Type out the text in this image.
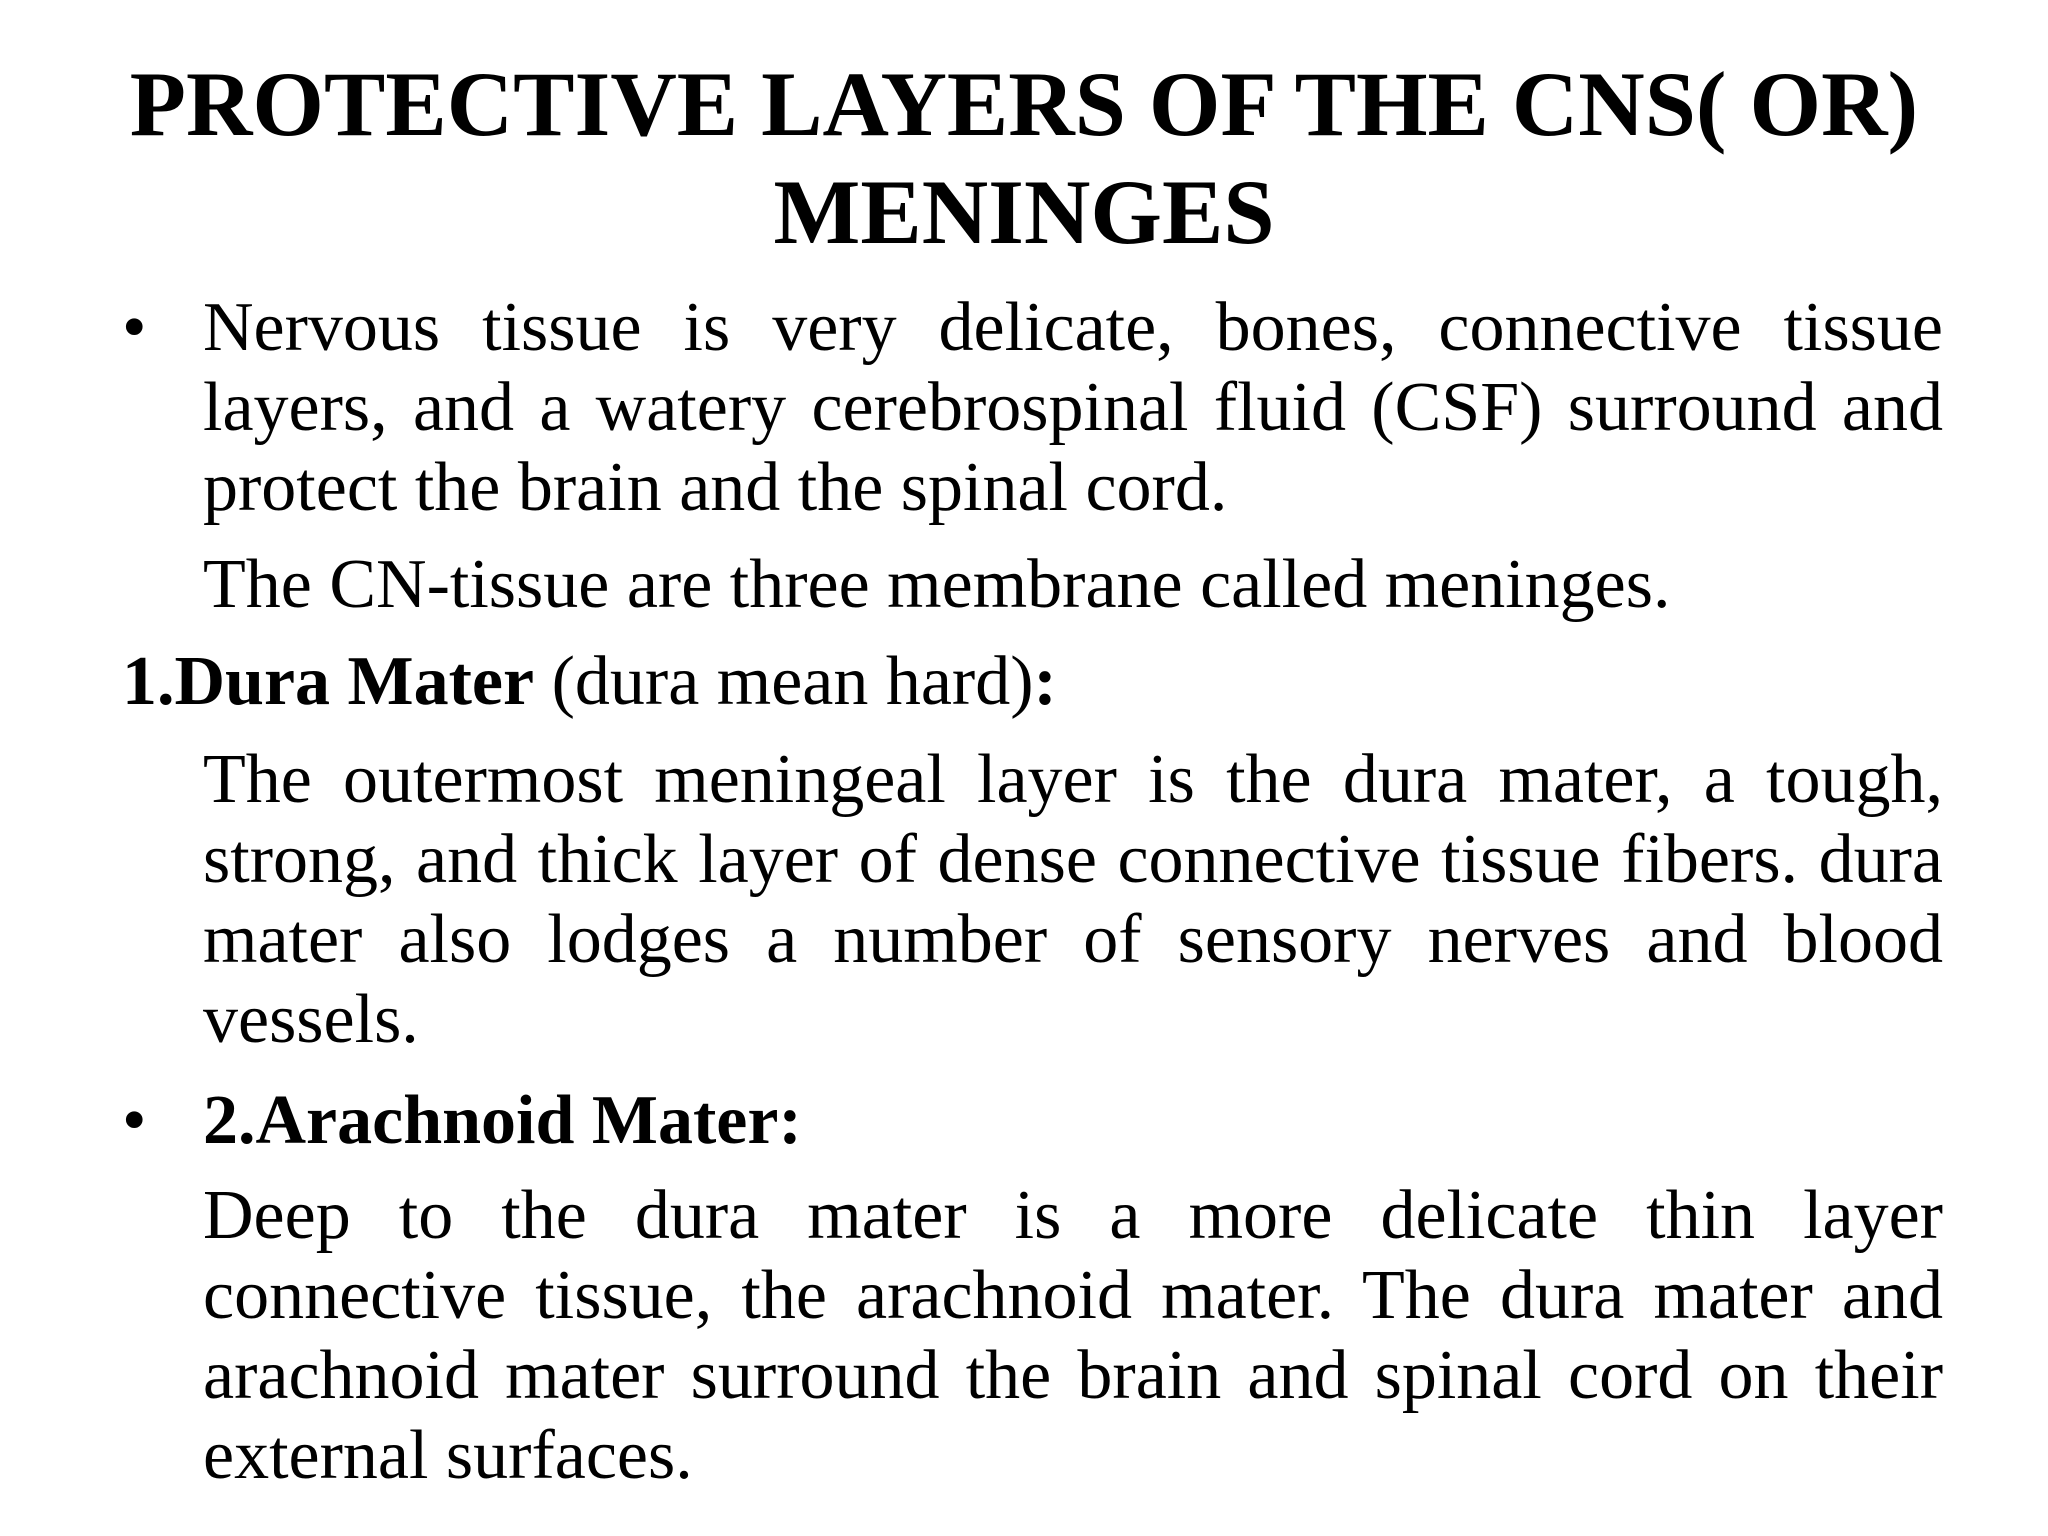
PROTECTIVE LAYERS OF THE CNS( OR)
MENINGES
• Nervous tissue is very delicate, bones, connective tissue layers, and a watery cerebrospinal fluid (CSF) surround and protect the brain and the spinal cord.

The CN-tissue are three membrane called meninges.

1.Dura Mater (dura mean hard):

The outermost meningeal layer is the dura mater, a tough, strong, and thick layer of dense connective tissue fibers. dura mater also lodges a number of sensory nerves and blood vessels.

• 2.Arachnoid Mater:

Deep to the dura mater is a more delicate thin layer connective tissue, the arachnoid mater. The dura mater and arachnoid mater surround the brain and spinal cord on their external surfaces.
